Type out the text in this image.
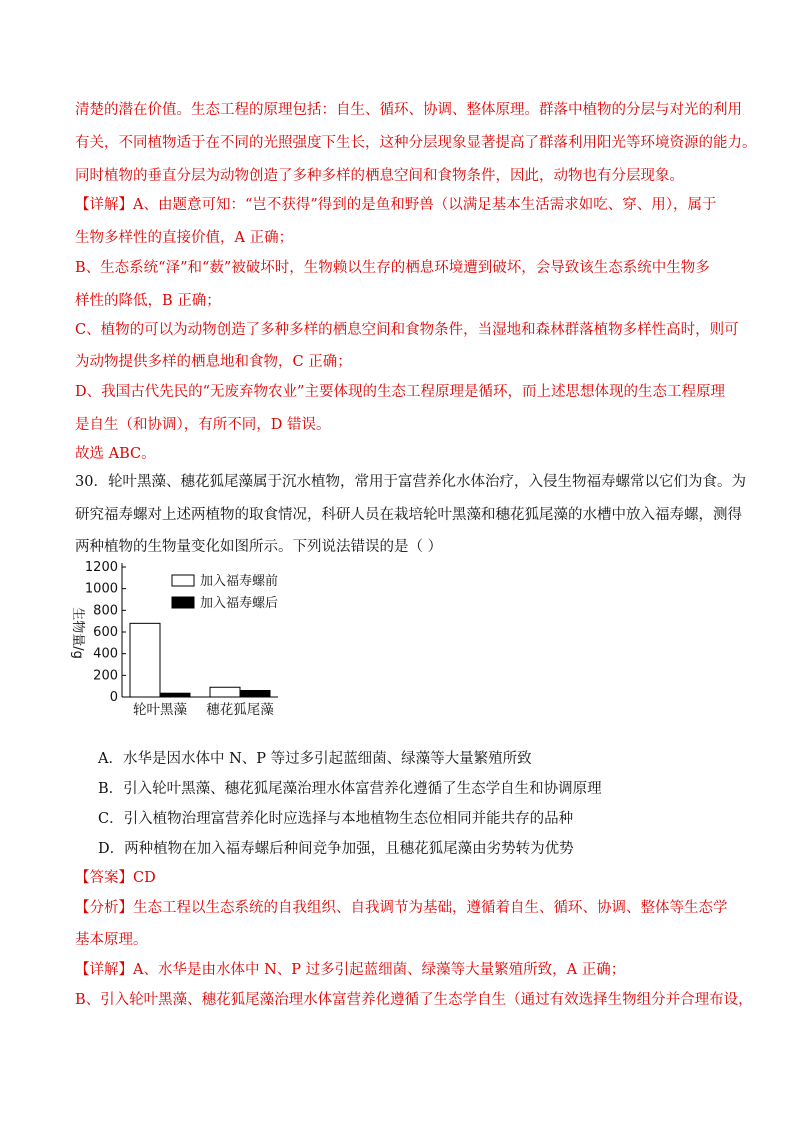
清楚的潜在价值。生态工程的原理包括：自生、循环、协调、整体原理。群落中植物的分层与对光的利用
有关，不同植物适于在不同的光照强度下生长，这种分层现象显著提高了群落利用阳光等环境资源的能力。
同时植物的垂直分层为动物创造了多种多样的栖息空间和食物条件，因此，动物也有分层现象。
【详解】A、由题意可知：“岂不获得”得到的是鱼和野兽（以满足基本生活需求如吃、穿、用），属于
生物多样性的直接价值，A 正确；
B、生态系统“泽”和“薮”被破坏时，生物赖以生存的栖息环境遭到破坏，会导致该生态系统中生物多
样性的降低，B 正确；
C、植物的可以为动物创造了多种多样的栖息空间和食物条件，当湿地和森林群落植物多样性高时，则可
为动物提供多样的栖息地和食物，C 正确；
D、我国古代先民的“无废弃物农业”主要体现的生态工程原理是循环，而上述思想体现的生态工程原理
是自生（和协调），有所不同，D 错误。
故选 ABC。
30．轮叶黑藻、穗花狐尾藻属于沉水植物，常用于富营养化水体治疗，入侵生物福寿螺常以它们为食。为
研究福寿螺对上述两植物的取食情况，科研人员在栽培轮叶黑藻和穗花狐尾藻的水槽中放入福寿螺，测得
两种植物的生物量变化如图所示。下列说法错误的是（ ）
0
200
400
600
800
1000
1200
生物量/g
轮叶黑藻 穗花狐尾藻
加入福寿螺前
加入福寿螺后
A．水华是因水体中 N、P 等过多引起蓝细菌、绿藻等大量繁殖所致
B．引入轮叶黑藻、穗花狐尾藻治理水体富营养化遵循了生态学自生和协调原理
C．引入植物治理富营养化时应选择与本地植物生态位相同并能共存的品种
D．两种植物在加入福寿螺后种间竞争加强，且穗花狐尾藻由劣势转为优势
【答案】CD
【分析】生态工程以生态系统的自我组织、自我调节为基础，遵循着自生、循环、协调、整体等生态学
基本原理。
【详解】A、水华是由水体中 N、P 过多引起蓝细菌、绿藻等大量繁殖所致，A 正确；
B、引入轮叶黑藻、穗花狐尾藻治理水体富营养化遵循了生态学自生（通过有效选择生物组分并合理布设，
